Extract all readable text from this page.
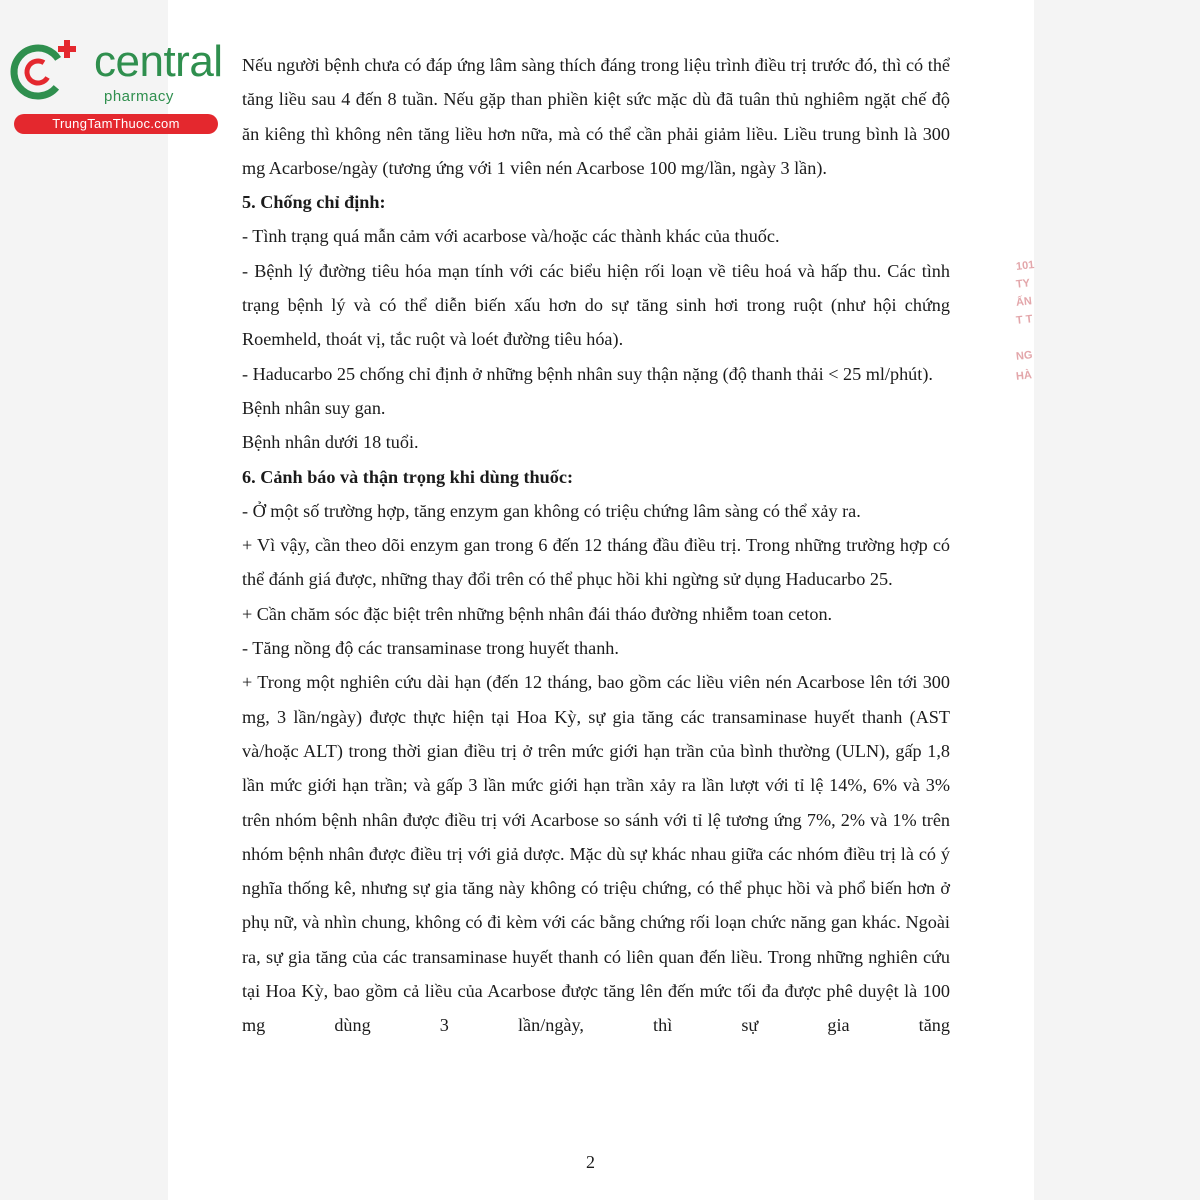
central
pharmacy
TrungTamThuoc.com
101
TY
ẤN
T T
NG
HÀ

Nếu người bệnh chưa có đáp ứng lâm sàng thích đáng trong liệu trình điều trị trước đó, thì có thể tăng liều sau 4 đến 8 tuần. Nếu gặp than phiền kiệt sức mặc dù đã tuân thủ nghiêm ngặt chế độ ăn kiêng thì không nên tăng liều hơn nữa, mà có thể cần phải giảm liều. Liều trung bình là 300 mg Acarbose/ngày (tương ứng với 1 viên nén Acarbose 100 mg/lần, ngày 3 lần).

5. Chống chỉ định:

- Tình trạng quá mẫn cảm với acarbose và/hoặc các thành khác của thuốc.

- Bệnh lý đường tiêu hóa mạn tính với các biểu hiện rối loạn về tiêu hoá và hấp thu. Các tình trạng bệnh lý và có thể diễn biến xấu hơn do sự tăng sinh hơi trong ruột (như hội chứng Roemheld, thoát vị, tắc ruột và loét đường tiêu hóa).

- Haducarbo 25 chống chỉ định ở những bệnh nhân suy thận nặng (độ thanh thải < 25 ml/phút).

Bệnh nhân suy gan.

Bệnh nhân dưới 18 tuổi.

6. Cảnh báo và thận trọng khi dùng thuốc:

- Ở một số trường hợp, tăng enzym gan không có triệu chứng lâm sàng có thể xảy ra.

+ Vì vậy, cần theo dõi enzym gan trong 6 đến 12 tháng đầu điều trị. Trong những trường hợp có thể đánh giá được, những thay đổi trên có thể phục hồi khi ngừng sử dụng Haducarbo 25.

+ Cần chăm sóc đặc biệt trên những bệnh nhân đái tháo đường nhiễm toan ceton.

- Tăng nồng độ các transaminase trong huyết thanh.

+ Trong một nghiên cứu dài hạn (đến 12 tháng, bao gồm các liều viên nén Acarbose lên tới 300 mg, 3 lần/ngày) được thực hiện tại Hoa Kỳ, sự gia tăng các transaminase huyết thanh (AST và/hoặc ALT) trong thời gian điều trị ở trên mức giới hạn trần của bình thường (ULN), gấp 1,8 lần mức giới hạn trần; và gấp 3 lần mức giới hạn trần xảy ra lần lượt với tỉ lệ 14%, 6% và 3% trên nhóm bệnh nhân được điều trị với Acarbose so sánh với tỉ lệ tương ứng 7%, 2% và 1% trên nhóm bệnh nhân được điều trị với giả dược. Mặc dù sự khác nhau giữa các nhóm điều trị là có ý nghĩa thống kê, nhưng sự gia tăng này không có triệu chứng, có thể phục hồi và phổ biến hơn ở phụ nữ, và nhìn chung, không có đi kèm với các bằng chứng rối loạn chức năng gan khác. Ngoài ra, sự gia tăng của các transaminase huyết thanh có liên quan đến liều. Trong những nghiên cứu tại Hoa Kỳ, bao gồm cả liều của Acarbose được tăng lên đến mức tối đa được phê duyệt là 100 mg dùng 3 lần/ngày, thì sự gia tăng

2
